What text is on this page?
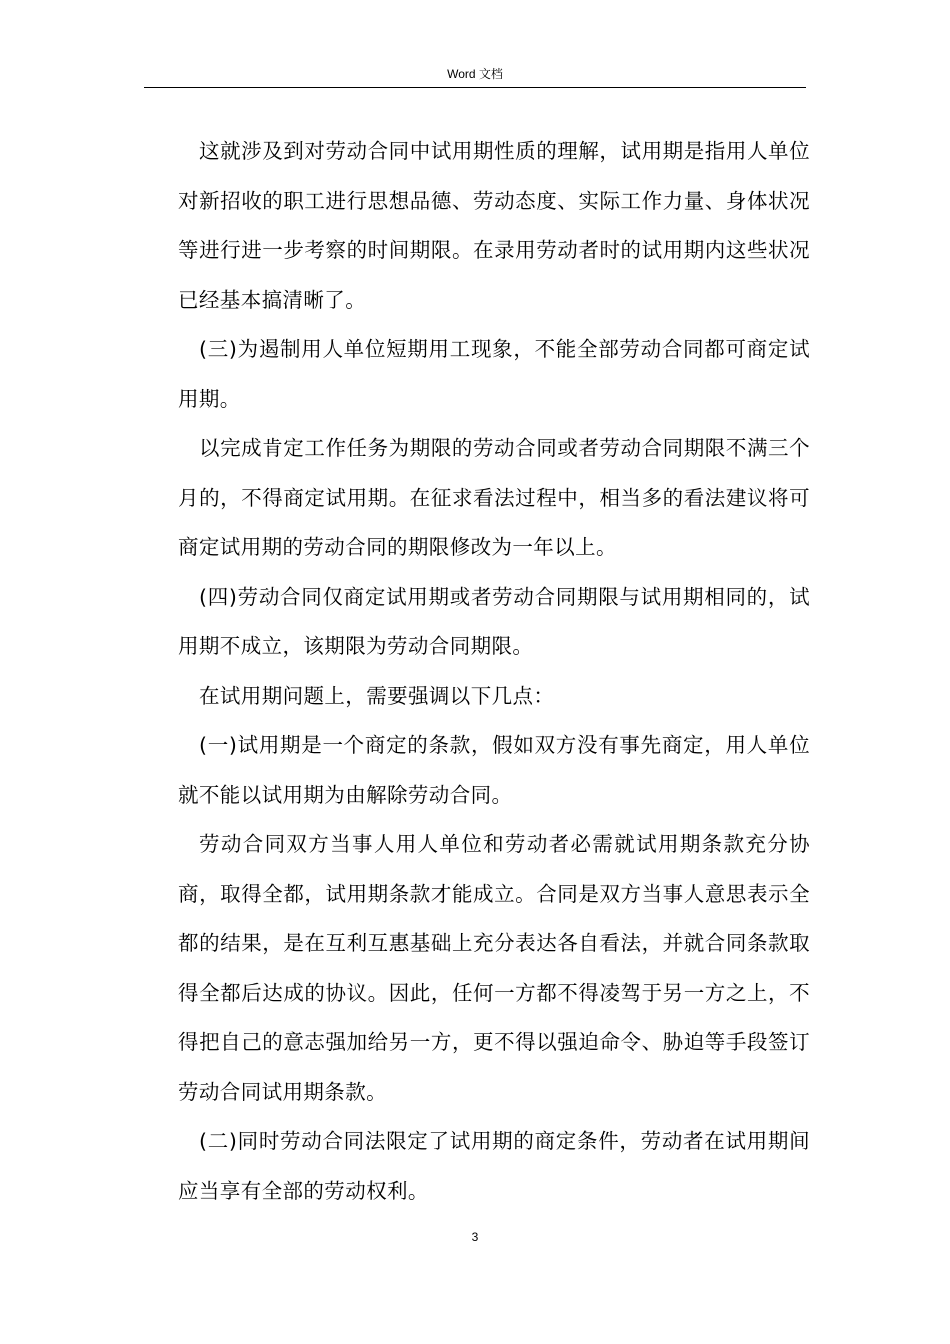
Word 文档

这就涉及到对劳动合同中试用期性质的理解，试用期是指用人单位对新招收的职工进行思想品德、劳动态度、实际工作力量、身体状况等进行进一步考察的时间期限。在录用劳动者时的试用期内这些状况已经基本搞清晰了。

(三)为遏制用人单位短期用工现象，不能全部劳动合同都可商定试用期。

以完成肯定工作任务为期限的劳动合同或者劳动合同期限不满三个月的，不得商定试用期。在征求看法过程中，相当多的看法建议将可商定试用期的劳动合同的期限修改为一年以上。

(四)劳动合同仅商定试用期或者劳动合同期限与试用期相同的，试用期不成立，该期限为劳动合同期限。

在试用期问题上，需要强调以下几点：

(一)试用期是一个商定的条款，假如双方没有事先商定，用人单位就不能以试用期为由解除劳动合同。

劳动合同双方当事人用人单位和劳动者必需就试用期条款充分协商，取得全都，试用期条款才能成立。合同是双方当事人意思表示全都的结果，是在互利互惠基础上充分表达各自看法，并就合同条款取得全都后达成的协议。因此，任何一方都不得凌驾于另一方之上，不得把自己的意志强加给另一方，更不得以强迫命令、胁迫等手段签订劳动合同试用期条款。

(二)同时劳动合同法限定了试用期的商定条件，劳动者在试用期间应当享有全部的劳动权利。

3
